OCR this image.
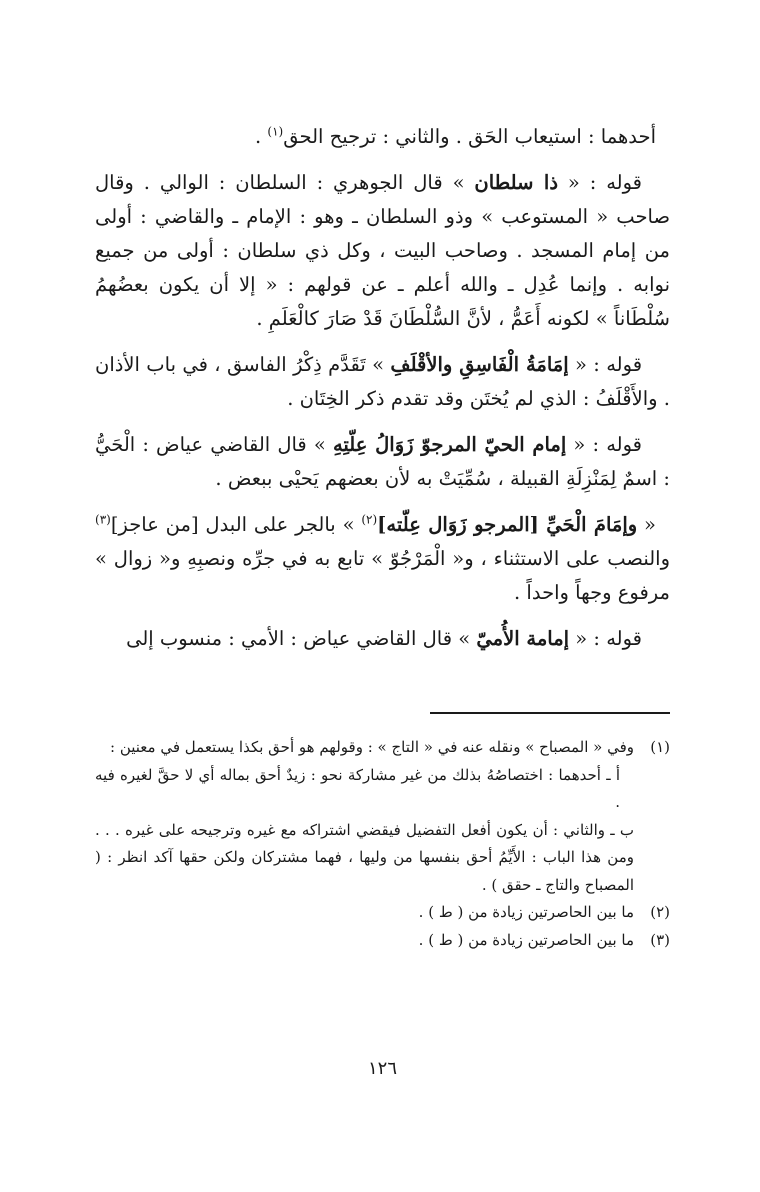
أحدهما : استيعاب الحَق . والثاني : ترجيح الحق$^{(١)}$ .

قوله : « ذا سلطان » قال الجوهري : السلطان : الوالي . وقال صاحب « المستوعب » وذو السلطان ـ وهو : الإمام ـ والقاضي : أولى من إمام المسجد . وصاحب البيت ، وكل ذي سلطان : أولى من جميع نوابه . وإنما عُدِل ـ والله أعلم ـ عن قولهم : « إلا أن يكون بعضُهمُ سُلْطَاناً » لكونه أَعَمُّ ، لأنَّ السُّلْطَانَ قَدْ صَارَ كالْعَلَمِ .

قوله : « إمَامَةُ الْفَاسِقِ والأقْلَفِ » تَقَدَّم ذِكْرُ الفاسق ، في باب الأذان . والأَقْلَفُ : الذي لم يُختَن وقد تقدم ذكر الخِتَان .

قوله : « إمام الحيّ المرجوّ زَوَالُ عِلّتِهِ » قال القاضي عياض : الْحَيُّ : اسمٌ لِمَنْزِلَةِ القبيلة ، سُمِّيَتْ به لأن بعضهم يَحيْى ببعض .

« وإمَامَ الْحَيِّ [المرجو زَوَال عِلّته]$^{(٢)}$ » بالجر على البدل [من عاجز]$^{(٣)}$ والنصب على الاستثناء ، و« الْمَرْجُوّ » تابع به في جرِّه ونصبِهِ و« زوال » مرفوع وجهاً واحداً .

قوله : « إمامة الأُميّ » قال القاضي عياض : الأمي : منسوب إلى

(١)
وفي « المصباح » ونقله عنه في « التاج » : وقولهم هو أحق بكذا يستعمل في معنين :
أ ـ أحدهما : اختصاصُهُ بذلك من غير مشاركة نحو : زيدٌ أحق بماله أي لا حقَّ لغيره فيه .
ب ـ والثاني : أن يكون أفعل التفضيل فيقضي اشتراكه مع غيره وترجيحه على غيره . . . ومن هذا الباب : الأَيِّمُ أحق بنفسها من وليها ، فهما مشتركان ولكن حقها آكد انظر : ( المصباح والتاج ـ حقق ) .
(٢)
ما بين الحاصرتين زيادة من ( ط ) .
(٣)
ما بين الحاصرتين زيادة من ( ط ) .
١٢٦
